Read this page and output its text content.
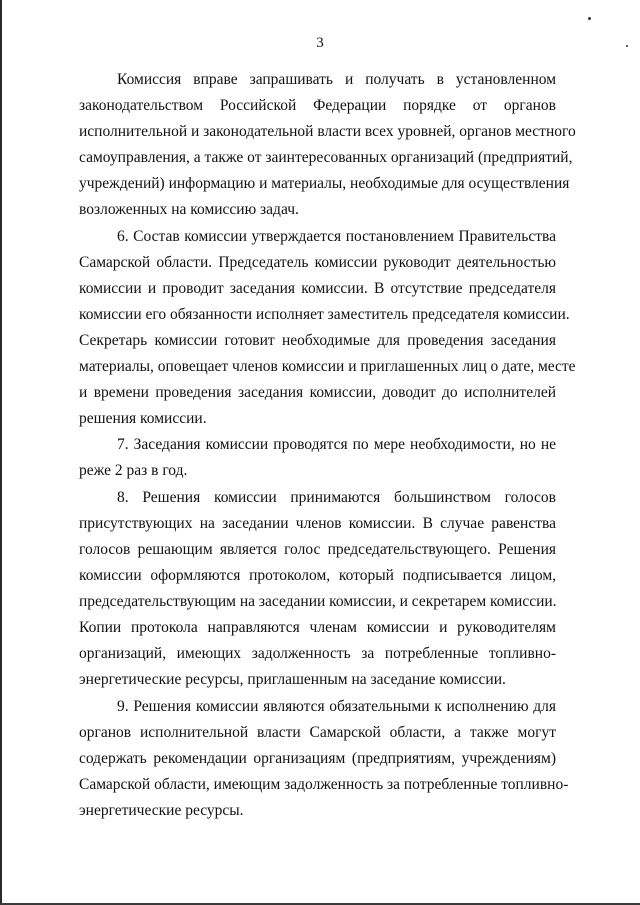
3
Комиссия вправе запрашивать и получать в установленном
законодательством Российской Федерации порядке от органов
исполнительной и законодательной власти всех уровней, органов местного
самоуправления, а также от заинтересованных организаций (предприятий,
учреждений) информацию и материалы, необходимые для осуществления
возложенных на комиссию задач.
6. Состав комиссии утверждается постановлением Правительства
Самарской области. Председатель комиссии руководит деятельностью
комиссии и проводит заседания комиссии. В отсутствие председателя
комиссии его обязанности исполняет заместитель председателя комиссии.
Секретарь комиссии готовит необходимые для проведения заседания
материалы, оповещает членов комиссии и приглашенных лиц о дате, месте
и времени проведения заседания комиссии, доводит до исполнителей
решения комиссии.
7. Заседания комиссии проводятся по мере необходимости, но не
реже 2 раз в год.
8. Решения комиссии принимаются большинством голосов
присутствующих на заседании членов комиссии. В случае равенства
голосов решающим является голос председательствующего. Решения
комиссии оформляются протоколом, который подписывается лицом,
председательствующим на заседании комиссии, и секретарем комиссии.
Копии протокола направляются членам комиссии и руководителям
организаций, имеющих задолженность за потребленные топливно-
энергетические ресурсы, приглашенным на заседание комиссии.
9. Решения комиссии являются обязательными к исполнению для
органов исполнительной власти Самарской области, а также могут
содержать рекомендации организациям (предприятиям, учреждениям)
Самарской области, имеющим задолженность за потребленные топливно-
энергетические ресурсы.
